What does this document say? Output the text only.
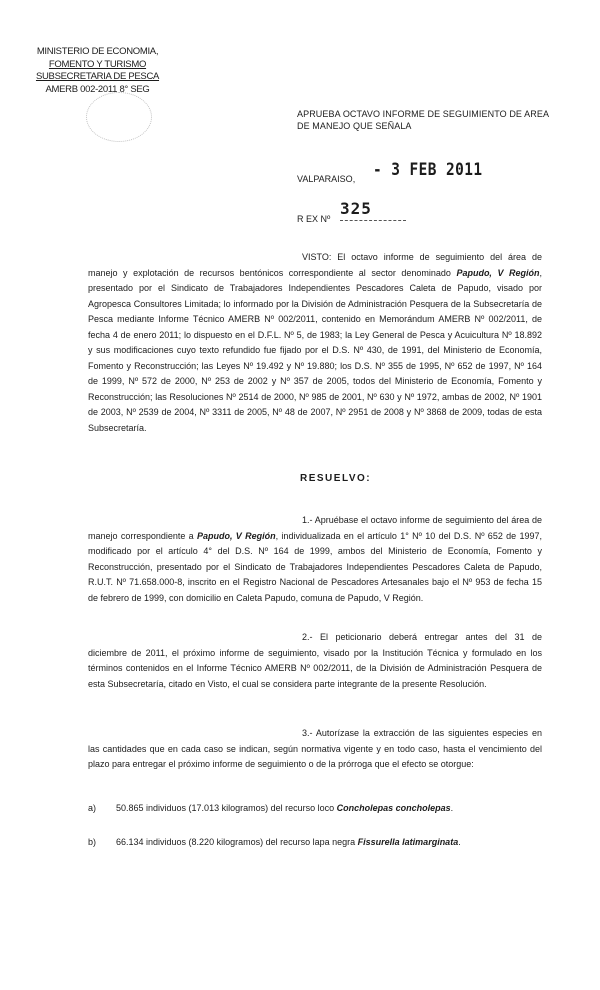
MINISTERIO DE ECONOMIA,
FOMENTO Y TURISMO
SUBSECRETARIA DE PESCA
AMERB 002-2011 8° SEG
APRUEBA OCTAVO INFORME DE SEGUIMIENTO DE AREA DE MANEJO QUE SEÑALA
VALPARAISO, - 3 FEB 2011
R EX Nº
325

VISTO: El octavo informe de seguimiento del área de manejo y explotación de recursos bentónicos correspondiente al sector denominado Papudo, V Región, presentado por el Sindicato de Trabajadores Independientes Pescadores Caleta de Papudo, visado por Agropesca Consultores Limitada; lo informado por la División de Administración Pesquera de la Subsecretaría de Pesca mediante Informe Técnico AMERB Nº 002/2011, contenido en Memorándum AMERB Nº 002/2011, de fecha 4 de enero 2011; lo dispuesto en el D.F.L. Nº 5, de 1983; la Ley General de Pesca y Acuicultura Nº 18.892 y sus modificaciones cuyo texto refundido fue fijado por el D.S. Nº 430, de 1991, del Ministerio de Economía, Fomento y Reconstrucción; las Leyes Nº 19.492 y Nº 19.880; los D.S. Nº 355 de 1995, Nº 652 de 1997, Nº 164 de 1999, Nº 572 de 2000, Nº 253 de 2002 y Nº 357 de 2005, todos del Ministerio de Economía, Fomento y Reconstrucción; las Resoluciones Nº 2514 de 2000, Nº 985 de 2001, Nº 630 y Nº 1972, ambas de 2002, Nº 1901 de 2003, Nº 2539 de 2004, Nº 3311 de 2005, Nº 48 de 2007, Nº 2951 de 2008 y Nº 3868 de 2009, todas de esta Subsecretaría.

RESUELVO:

1.- Apruébase el octavo informe de seguimiento del área de manejo correspondiente a Papudo, V Región, individualizada en el artículo 1° Nº 10 del D.S. Nº 652 de 1997, modificado por el artículo 4° del D.S. Nº 164 de 1999, ambos del Ministerio de Economía, Fomento y Reconstrucción, presentado por el Sindicato de Trabajadores Independientes Pescadores Caleta de Papudo, R.U.T. Nº 71.658.000-8, inscrito en el Registro Nacional de Pescadores Artesanales bajo el Nº 953 de fecha 15 de febrero de 1999, con domicilio en Caleta Papudo, comuna de Papudo, V Región.

2.- El peticionario deberá entregar antes del 31 de diciembre de 2011, el próximo informe de seguimiento, visado por la Institución Técnica y formulado en los términos contenidos en el Informe Técnico AMERB Nº 002/2011, de la División de Administración Pesquera de esta Subsecretaría, citado en Visto, el cual se considera parte integrante de la presente Resolución.

3.- Autorízase la extracción de las siguientes especies en las cantidades que en cada caso se indican, según normativa vigente y en todo caso, hasta el vencimiento del plazo para entregar el próximo informe de seguimiento o de la prórroga que el efecto se otorgue:

a) 50.865 individuos (17.013 kilogramos) del recurso loco Concholepas concholepas.
b) 66.134 individuos (8.220 kilogramos) del recurso lapa negra Fissurella latimarginata.
